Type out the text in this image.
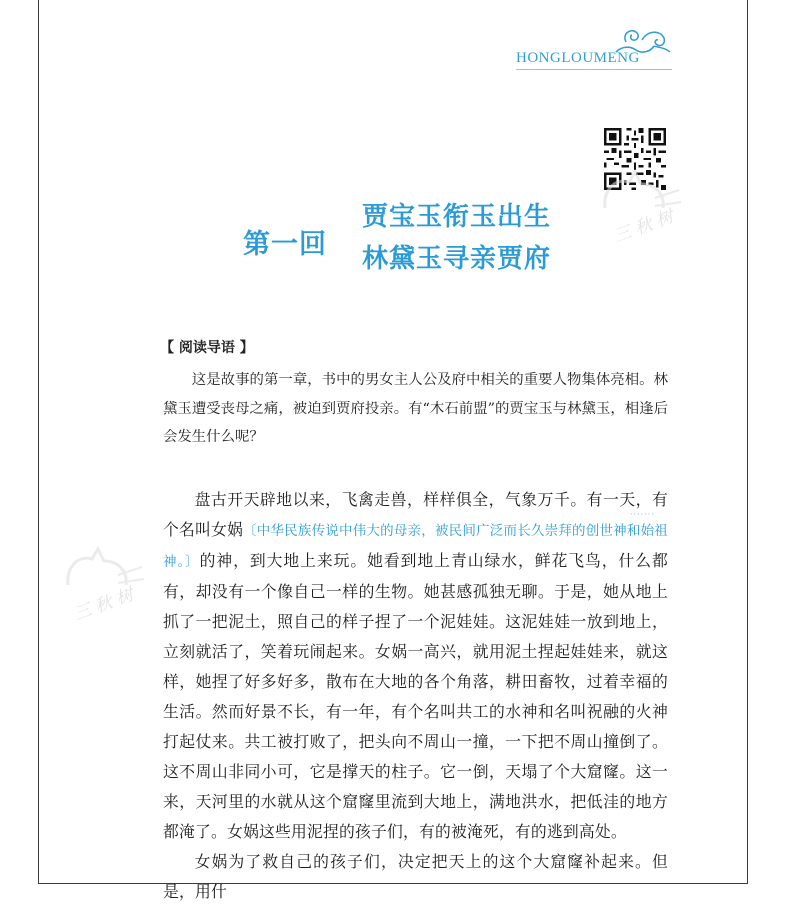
HONGLOUMENG
三 秋 树
三 秋 树
第一回
贾宝玉衔玉出生
林黛玉寻亲贾府
【 阅读导语 】

这是故事的第一章，书中的男女主人公及府中相关的重要人物集体亮相。林黛玉遭受丧母之痛，被迫到贾府投亲。有“木石前盟”的贾宝玉与林黛玉，相逢后会发生什么呢？

·······

盘古开天辟地以来，飞禽走兽，样样俱全，气象万千。有一天，有个名叫女娲〔中华民族传说中伟大的母亲，被民间广泛而长久崇拜的创世神和始祖神。〕的神，到大地上来玩。她看到地上青山绿水，鲜花飞鸟，什么都有，却没有一个像自己一样的生物。她甚感孤独无聊。于是，她从地上抓了一把泥土，照自己的样子捏了一个泥娃娃。这泥娃娃一放到地上，立刻就活了，笑着玩闹起来。女娲一高兴，就用泥土捏起娃娃来，就这样，她捏了好多好多，散布在大地的各个角落，耕田畜牧，过着幸福的生活。然而好景不长，有一年，有个名叫共工的水神和名叫祝融的火神打起仗来。共工被打败了，把头向不周山一撞，一下把不周山撞倒了。这不周山非同小可，它是撑天的柱子。它一倒，天塌了个大窟窿。这一来，天河里的水就从这个窟窿里流到大地上，满地洪水，把低洼的地方都淹了。女娲这些用泥捏的孩子们，有的被淹死，有的逃到高处。

女娲为了救自己的孩子们，决定把天上的这个大窟窿补起来。但是，用什
